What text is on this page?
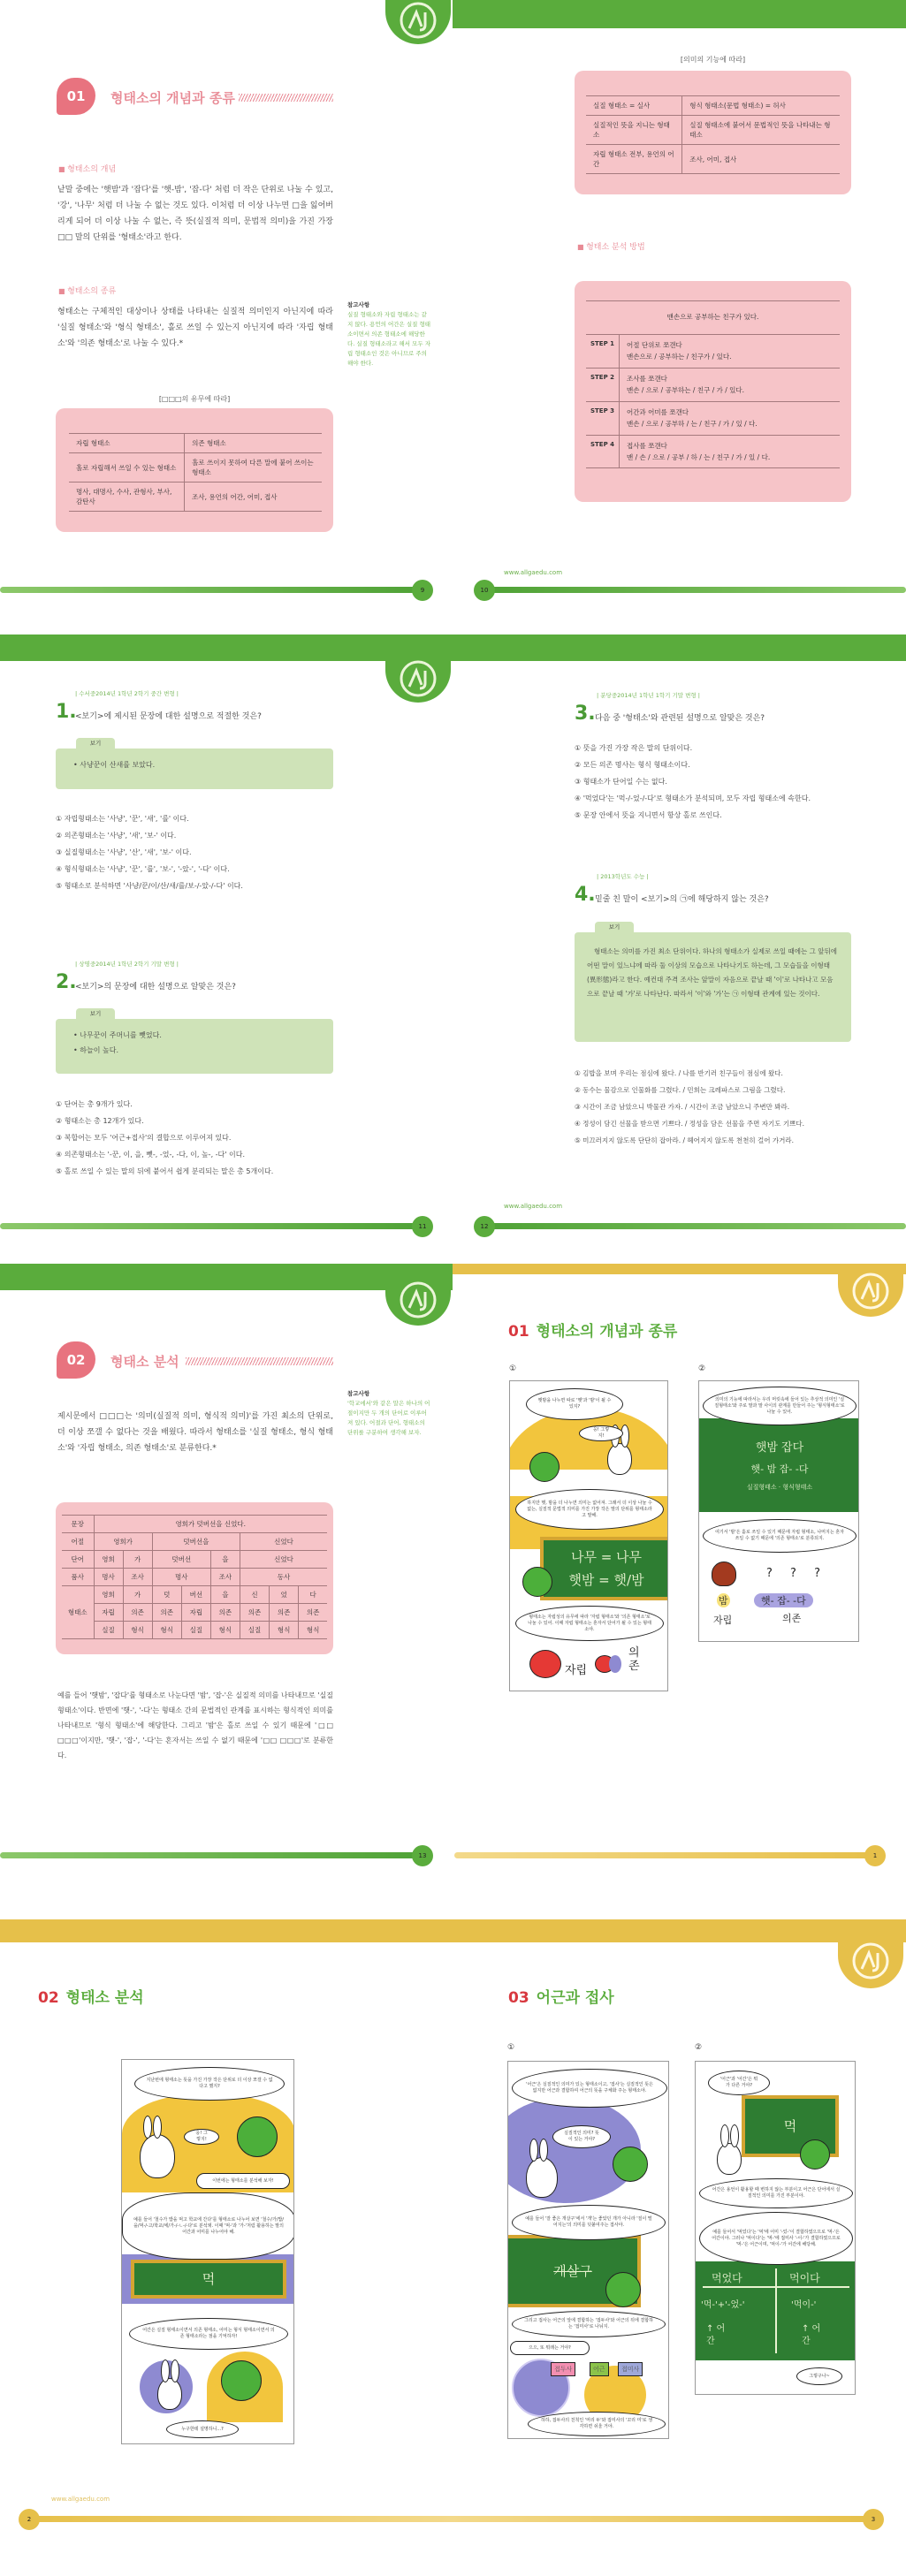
01	형태소의 개념과 종류
■ 형태소의 개념
낱말 중에는 '햇밤'과 '잡다'를 '햇-밤', '잡-다' 처럼 더 작은 단위로 나눌 수 있고, '강', '나무' 처럼 더 나눌 수 없는 것도 있다. 이처럼 더 이상 나누면 □을 잃어버리게 되어 더 이상 나눌 수 없는, 즉 뜻(실질적 의미, 문법적 의미)을 가진 가장 □□ 말의 단위를 '형태소'라고 한다.
■ 형태소의 종류
형태소는 구체적인 대상이나 상태를 나타내는 실질적 의미인지 아닌지에 따라 '실질 형태소'와 '형식 형태소', 홀로 쓰일 수 있는지 아닌지에 따라 '자립 형태소'와 '의존 형태소'로 나눌 수 있다.*
참고사항
실질 형태소와 자립 형태소는 같지 않다. 용언의 어간은 실질 형태소이면서 의존 형태소에 해당한다. 실질 형태소라고 해서 모두 자립 형태소인 것은 아니므로 주의해야 한다.
[□□□의 유무에 따라]
자립 형태소	의존 형태소
홀로 자립해서 쓰일 수 있는 형태소	홀로 쓰이지 못하여 다른 말에 붙어 쓰이는 형태소
명사, 대명사, 수사, 관형사, 부사, 감탄사	조사, 용언의 어간, 어미, 접사
[의미의 기능에 따라]
실질 형태소 = 실사	형식 형태소(문법 형태소) = 허사
실질적인 뜻을 지니는 형태소	실질 형태소에 붙어서 문법적인 뜻을 나타내는 형태소
자립 형태소 전부, 용언의 어간	조사, 어미, 접사
■ 형태소 분석 방법
맨손으로 공부하는 친구가 있다.
STEP 1	어절 단위로 쪼갠다
맨손으로 / 공부하는 / 친구가 / 있다.
STEP 2	조사를 쪼갠다
맨손 / 으로 / 공부하는 / 친구 / 가 / 있다.
STEP 3	어간과 어미를 쪼갠다
맨손 / 으로 / 공부하 / 는 / 친구 / 가 / 있 / 다.
STEP 4	접사를 쪼갠다
맨 / 손 / 으로 / 공부 / 하 / 는 / 친구 / 가 / 있 / 다.
9
www.allgaedu.com
10
| 수서중2014년 1학년 2학기 중간 변형 |
1.
<보기>에 제시된 문장에 대한 설명으로 적절한 것은?
보기
• 사냥꾼이 산새를 보았다.
① 자립형태소는 '사냥', '꾼', '새', '를' 이다.
② 의존형태소는 '사냥', '새', '보-' 이다.
③ 실질형태소는 '사냥', '산', '새', '보-' 이다.
④ 형식형태소는 '사냥', '꾼', '를', '보-', '-았-', '-다' 이다.
⑤ 형태소로 분석하면 '사냥/꾼/이/산/새/를/보-/-았-/-다' 이다.
| 상명중2014년 1학년 2학기 기말 변형 |
2.
<보기>의 문장에 대한 설명으로 알맞은 것은?
보기
• 나무꾼이 주머니를 뺏었다.
• 하늘이 높다.
① 단어는 총 9개가 있다.
② 형태소는 총 12개가 있다.
③ 복합어는 모두 '어근+접사'의 결합으로 이루어져 있다.
④ 의존형태소는 '-꾼, 이, 을, 뺏-, -었-, -다, 이, 높-, -다' 이다.
⑤ 홀로 쓰일 수 있는 말의 뒤에 붙어서 쉽게 분리되는 말은 총 5개이다.
| 분당중2014년 1학년 1학기 기말 변형 |
3. 다음 중 '형태소'와 관련된 설명으로 알맞은 것은?
① 뜻을 가진 가장 작은 말의 단위이다.
② 모든 의존 명사는 형식 형태소이다.
③ 형태소가 단어일 수는 없다.
④ '먹었다'는 '먹-/-었-/-다'로 형태소가 분석되며, 모두 자립 형태소에 속한다.
⑤ 문장 안에서 뜻을 지니면서 항상 홀로 쓰인다.
| 2013학년도 수능 |
4. 밑줄 친 말이 <보기>의 ㉠에 해당하지 않는 것은?
보기
형태소는 의미를 가진 최소 단위이다. 하나의 형태소가 실제로 쓰일 때에는 그 앞뒤에 어떤 말이 있느냐에 따라 둘 이상의 모습으로 나타나기도 하는데, 그 모습들을 이형태(異形態)라고 한다. 예컨대 주격 조사는 앞말이 자음으로 끝날 때 '이'로 나타나고 모음으로 끝날 때 '가'로 나타난다. 따라서 '이'와 '가'는 ㉠ 이형태 관계에 있는 것이다.
① 김밥을 보며 우리는 점심에 왔다. / 나를 반기러 친구들이 점심에 왔다.
② 동수는 물감으로 인물화를 그렸다. / 민희는 크레파스로 그림을 그렸다.
③ 시간이 조금 남았으니 박물관 가자. / 시간이 조금 남았으니 주변만 봐라.
④ 정성이 담긴 선물을 받으면 기쁘다. / 정성을 담은 선물을 주면 자기도 기쁘다.
⑤ 미끄러지지 않도록 단단히 잡아라. / 헤어지지 않도록 천천히 걸어 가거라.
11
www.allgaedu.com
12
02	형태소 분석
제시문에서 □□□는 '의미(실질적 의미, 형식적 의미)'를 가진 최소의 단위로, 더 이상 쪼갤 수 없다는 것을 배웠다. 따라서 형태소를 '실질 형태소, 형식 형태소'와 '자립 형태소, 의존 형태소'로 분류한다.*
참고사항
'학교에서'와 같은 말은 하나의 어절이지만 두 개의 단어로 이루어져 있다. 어절과 단어, 형태소의 단위를 구분하여 생각해 보자.
문장	영희가 덧버선을 신었다.							
어절	영희가		덧버선을			신었다		
단어	영희	가	덧버선		을	신었다		
품사	명사	조사	명사		조사	동사		
형태소	영희	가	덧	버선	을	신	었	다
	자립	의존	의존	자립	의존	의존	의존	의존
	실질	형식	형식	실질	형식	실질	형식	형식
예를 들어 '햇밤', '잡다'를 형태소로 나눈다면 '밤', '잡-'은 실질적 의미를 나타내므로 '실질 형태소'이다. 반면에 '햇-', '-다'는 형태소 간의 문법적인 관계를 표시하는 형식적인 의미를 나타내므로 '형식 형태소'에 해당한다. 그리고 '밤'은 홀로 쓰일 수 있기 때문에 '□□ □□□'이지만, '햇-', '잡-', '-다'는 혼자서는 쓰일 수 없기 때문에 '□□ □□□'로 분류한다.
01 형태소의 개념과 종류
①
햇밤을 나누면 따로 '햇'과 '밤'이 될 수 있지?
응! 그렇지!
하지만 햇, 밤을 더 나누면 의미는 없어져. 그래서 더 이상 나눌 수 없는, 실질적 문법적 의미를 가진 가장 작은 말의 단위를 형태소라고 말해.
나무 = 나무
햇밤 = 햇/밤
형태소는 자립성의 유무에 따라 '자립 형태소'와 '의존 형태소'로 나눌 수 있어. 이때 자립 형태소는 혼자서 단어가 될 수 있는 형태소야.
자립
의존
②
의미의 기능에 따라서는 우리 머릿속에 들어 있는 추상적 의미인 '실질형태소'와 주로 말과 말 사이의 관계를 만들어 주는 '형식형태소'로 나눌 수 있어.
햇밤 잡다
햇- 밤 잡- -다
실질형태소 · 형식형태소
여기서 '밤'은 홀로 쓰일 수 있기 때문에 자립 형태소, 나머지는 혼자 쓰일 수 없기 때문에 '의존 형태소'로 분류되지.
? ? ?
밤	햇- 잡- -다
자립	의존
13	1
02 형태소 분석
지난번에 형태소는 뜻을 가진 가장 작은 단위로 더 이상 쪼갤 수 없다고 했지?
응! 그렇지!
이번에는 형태소를 분석해 보자!
예를 들어 '철수가 밥을 먹고 학교에 간다'를 형태소로 나누어 보면 '철수/가/밥/을/먹-/-고/학교/에/가-/-ㄴ-/-다'로 분석돼. 이때 '먹-'과 '가-'처럼 활용하는 말의 어간과 어미를 나누어야 해.
먹
어간은 실질 형태소이면서 의존 형태소, 어미는 형식 형태소이면서 의존 형태소라는 점을 기억하자!
누구한테 설명하니...?
03 어근과 접사
①
'어근'은 실질적인 의미가 있는 형태소이고, '접사'는 실질적인 뜻은 없지만 어근과 결합하여 어근의 뜻을 구체화 주는 형태소야.
실질적인 의미? 뜻이 있는 거야?
예를 들어 '잘 좋은 개살구'에서 '개'는 좋았던 개가 아니라 '질이 떨어지는'의 의미를 덧붙여주는 접사야.
개살구
그리고 접사는 어근의 앞에 결합하는 '접두사'와 어근의 뒤에 결합하는 '접미사'로 나뉘지.
으으, 또 뭐래는 거야?
접두사	어근	접미사
하하, 접두사의 친척인 '머리 두'와 접미사의 '꼬리 미'로 생각하면 쉬울 거야.
②
'어근'과 '어간'은 뭐가 다른 거야?
먹
어간은 용언이 활용할 때 변하지 않는 부분이고 어근은 단어에서 실질적인 의미를 가진 부분이야.
예를 들어서 '먹었다'는 '먹'에 어미 '-었-'이 결합하였으므로 '먹-'은 어간이야. 그러나 '먹이다'는 '먹-'에 접미사 '-이-'가 결합하였으므로 '먹-'은 어근이며, '먹이-'가 어간에 해당해.
먹었다	먹이다
'먹-'+'-었-'	'먹이-'
↑ 어간
↑ 어간
그렇구나~
www.allgaedu.com
2	3
